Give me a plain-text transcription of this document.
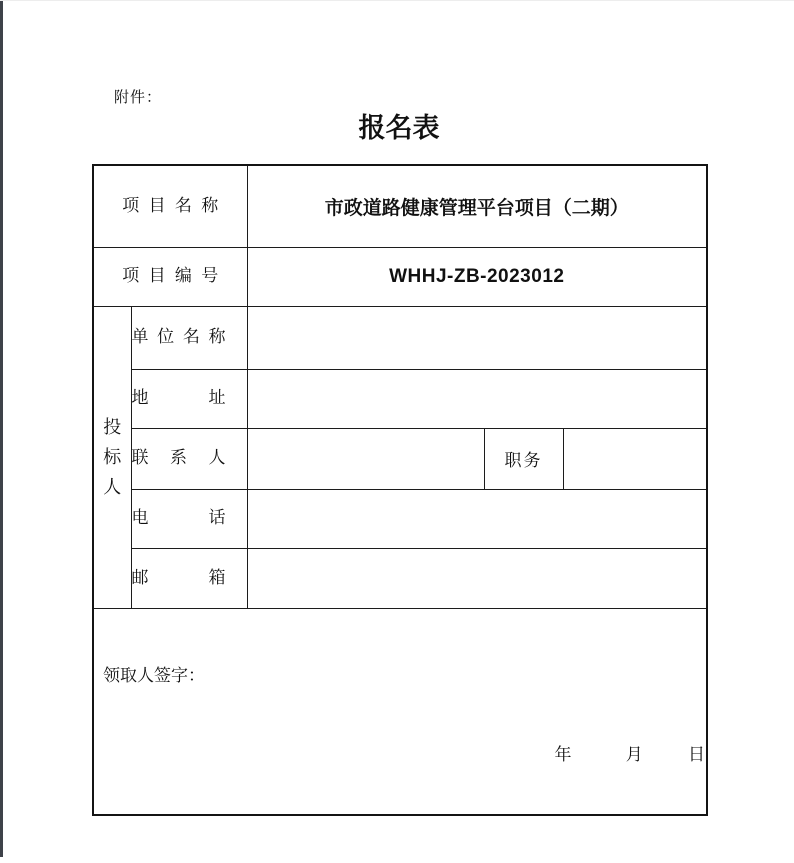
附件：
报名表
项目名称		市政道路健康管理平台项目（二期）		
项目编号		WHHJ-ZB-2023012		
投标人	单位名称			
	地址			
	联系人		职务	
	电话			
	邮箱			

领取人签字：
年 月 日				
